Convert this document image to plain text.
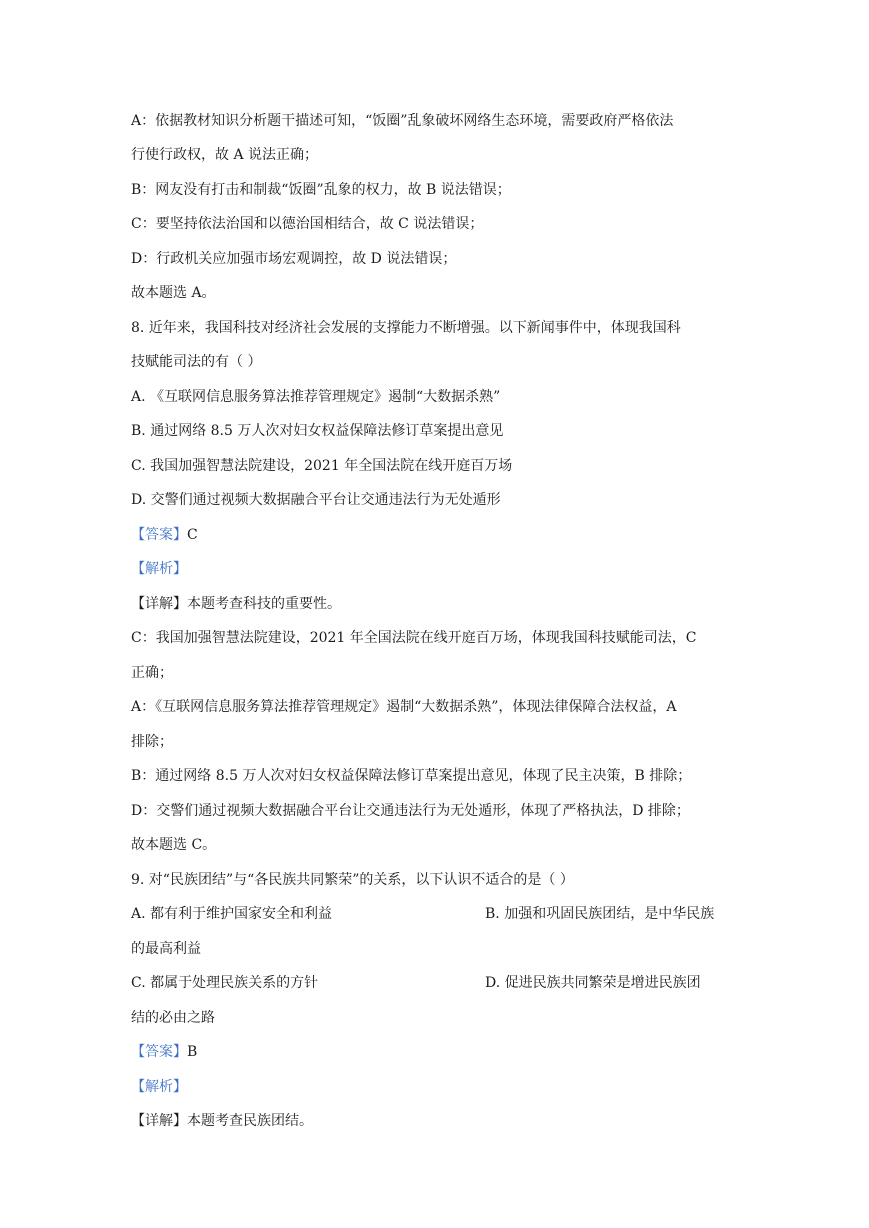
A：依据教材知识分析题干描述可知，“饭圈”乱象破坏网络生态环境，需要政府严格依法
行使行政权，故 A 说法正确；
B：网友没有打击和制裁“饭圈”乱象的权力，故 B 说法错误；
C：要坚持依法治国和以德治国相结合，故 C 说法错误；
D：行政机关应加强市场宏观调控，故 D 说法错误；
故本题选 A。
8. 近年来，我国科技对经济社会发展的支撑能力不断增强。以下新闻事件中，体现我国科
技赋能司法的有（ ）
A. 《互联网信息服务算法推荐管理规定》遏制“大数据杀熟”
B. 通过网络 8.5 万人次对妇女权益保障法修订草案提出意见
C. 我国加强智慧法院建设，2021 年全国法院在线开庭百万场
D. 交警们通过视频大数据融合平台让交通违法行为无处遁形
【答案】C
【解析】
【详解】本题考查科技的重要性。
C：我国加强智慧法院建设，2021 年全国法院在线开庭百万场，体现我国科技赋能司法，C
正确；
A：《互联网信息服务算法推荐管理规定》遏制“大数据杀熟”，体现法律保障合法权益，A
排除；
B：通过网络 8.5 万人次对妇女权益保障法修订草案提出意见，体现了民主决策，B 排除；
D：交警们通过视频大数据融合平台让交通违法行为无处遁形，体现了严格执法，D 排除；
故本题选 C。
9. 对“民族团结”与“各民族共同繁荣”的关系，以下认识不适合的是（ ）
A. 都有利于维护国家安全和利益	B. 加强和巩固民族团结，是中华民族
的最高利益
C. 都属于处理民族关系的方针	D. 促进民族共同繁荣是增进民族团
结的必由之路
【答案】B
【解析】
【详解】本题考查民族团结。
